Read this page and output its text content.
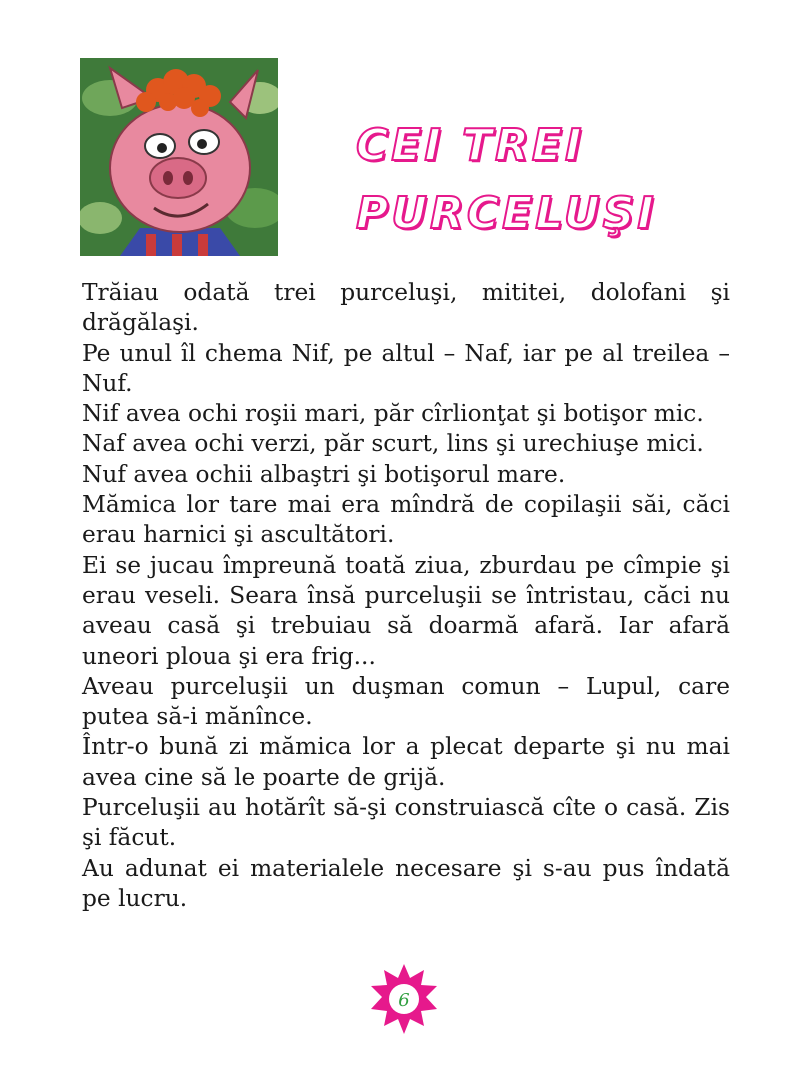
CEI TREI
PURCELUŞI

Trăiau odată trei purceluşi, mititei, dolofani şi drăgălaşi.

Pe unul îl chema Nif, pe altul – Naf, iar pe al treilea – Nuf.

Nif avea ochi roşii mari, păr cîrlionţat şi botişor mic.

Naf avea ochi verzi, păr scurt, lins şi urechiuşe mici.

Nuf avea ochii albaştri şi botişorul mare.

Mămica lor tare mai era mîndră de copilaşii săi, căci erau harnici şi ascultători.

Ei se jucau împreună toată ziua, zburdau pe cîmpie şi erau veseli. Seara însă purceluşii se întristau, căci nu aveau casă şi trebuiau să doarmă afară. Iar afară uneori ploua şi era frig...

Aveau purceluşii un duşman comun – Lupul, care putea să-i mănînce.

Într-o bună zi mămica lor a plecat departe şi nu mai avea cine să le poarte de grijă.

Purceluşii au hotărît să-şi construiască cîte o casă. Zis şi făcut.

Au adunat ei materialele necesare şi s-au pus îndată pe lucru.

6
